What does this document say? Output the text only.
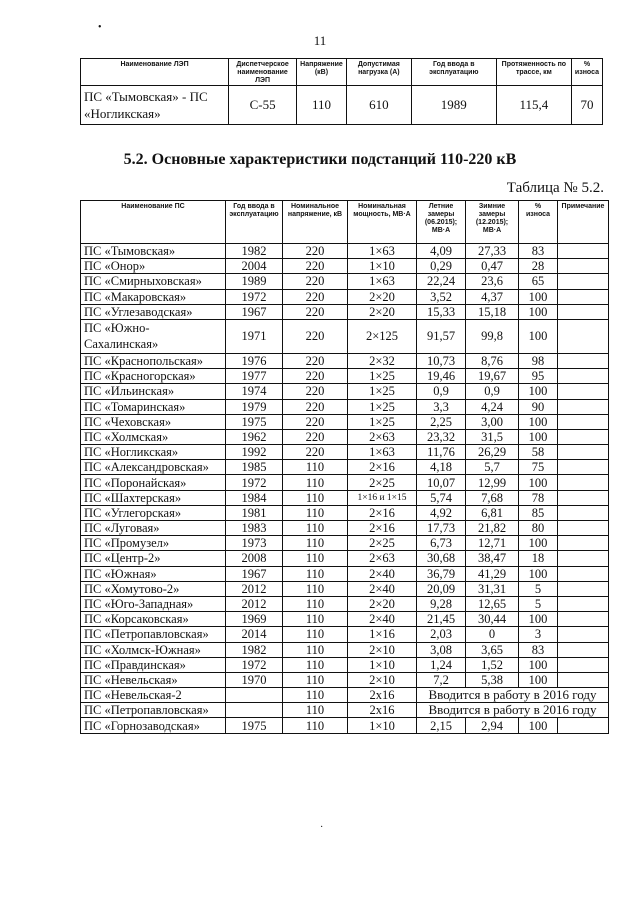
•
11
Наименование ЛЭП	Диспетчерское наименование ЛЭП	Напряжение (кВ)	Допустимая нагрузка (А)	Год ввода в эксплуатацию	Протяженность по трассе, км	% износа
ПС «Тымовская» - ПС «Ногликская»	С-55	110	610	1989	115,4	70
5.2. Основные характеристики подстанций 110-220 кВ
Таблица № 5.2.
Наименование ПС	Год ввода в эксплуатацию	Номинальное напряжение, кВ	Номинальная мощность, МВ·А	Летние замеры (06.2015); МВ·А	Зимние замеры (12.2015); МВ·А	% износа	Примечание
ПС «Тымовская»	1982	220	1×63	4,09	27,33	83	
ПС «Онор»	2004	220	1×10	0,29	0,47	28	
ПС «Смирныховская»	1989	220	1×63	22,24	23,6	65	
ПС «Макаровская»	1972	220	2×20	3,52	4,37	100	
ПС «Углезаводская»	1967	220	2×20	15,33	15,18	100	
ПС «Южно-Сахалинская»	1971	220	2×125	91,57	99,8	100	
ПС «Краснопольская»	1976	220	2×32	10,73	8,76	98	
ПС «Красногорская»	1977	220	1×25	19,46	19,67	95	
ПС «Ильинская»	1974	220	1×25	0,9	0,9	100	
ПС «Томаринская»	1979	220	1×25	3,3	4,24	90	
ПС «Чеховская»	1975	220	1×25	2,25	3,00	100	
ПС «Холмская»	1962	220	2×63	23,32	31,5	100	
ПС «Ногликская»	1992	220	1×63	11,76	26,29	58	
ПС «Александровская»	1985	110	2×16	4,18	5,7	75	
ПС «Поронайская»	1972	110	2×25	10,07	12,99	100	
ПС «Шахтерская»	1984	110	1×16 и 1×15	5,74	7,68	78	
ПС «Углегорская»	1981	110	2×16	4,92	6,81	85	
ПС «Луговая»	1983	110	2×16	17,73	21,82	80	
ПС «Промузел»	1973	110	2×25	6,73	12,71	100	
ПС «Центр-2»	2008	110	2×63	30,68	38,47	18	
ПС «Южная»	1967	110	2×40	36,79	41,29	100	
ПС «Хомутово-2»	2012	110	2×40	20,09	31,31	5	
ПС «Юго-Западная»	2012	110	2×20	9,28	12,65	5	
ПС «Корсаковская»	1969	110	2×40	21,45	30,44	100	
ПС «Петропавловская»	2014	110	1×16	2,03	0	3	
ПС «Холмск-Южная»	1982	110	2×10	3,08	3,65	83	
ПС «Правдинская»	1972	110	1×10	1,24	1,52	100	
ПС «Невельская»	1970	110	2×10	7,2	5,38	100	
ПС «Невельская-2		110	2x16	Вводится в работу в 2016 году			
ПС «Петропавловская»		110	2x16	Вводится в работу в 2016 году			
ПС «Горнозаводская»	1975	110	1×10	2,15	2,94	100	
·
